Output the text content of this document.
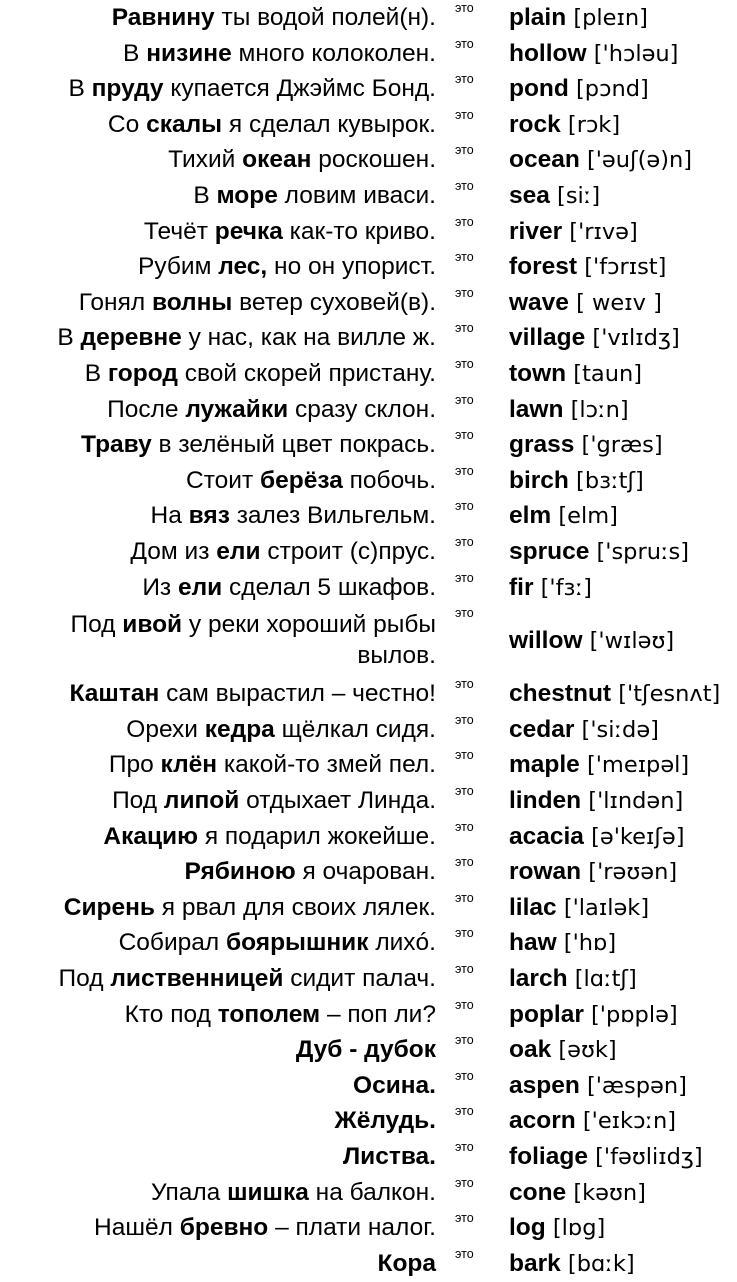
Равнину ты водой полей(н). это plain [pleɪn]
В низине много колоколен. это hollow ['hɔləu]
В пруду купается Джэймс Бонд. это pond [pɔnd]
Со скалы я сделал кувырок. это rock [rɔk]
Тихий океан роскошен. это ocean ['əuʃ(ə)n]
В море ловим иваси. это sea [siː]
Течёт речка как-то криво. это river ['rɪvə]
Рубим лес, но он упорист. это forest ['fɔrɪst]
Гонял волны ветер суховей(в). это wave [ weɪv ]
В деревне у нас, как на вилле ж. это village ['vɪlɪdʒ]
В город свой скорей пристану. это town [taun]
После лужайки сразу склон. это lawn [lɔːn]
Траву в зелёный цвет покрась. это grass ['græs]
Стоит берёза побочь. это birch [bɜːtʃ]
На вяз залез Вильгельм. это elm [elm]
Дом из ели строит (с)прус. это spruce ['spruːs]
Из ели сделал 5 шкафов. это fir ['fɜː]
Под ивой у реки хороший рыбы вылов.
это
willow ['wɪləʊ]
Каштан сам вырастил – честно! это chestnut ['tʃesnʌt]
Орехи кедра щёлкал сидя. это cedar ['siːdə]
Про клён какой-то змей пел. это maple ['meɪpəl]
Под липой отдыхает Линда. это linden ['lɪndən]
Акацию я подарил жокейше. это acacia [ə'keɪʃə]
Рябиною я очарован. это rowan ['rəʊən]
Сирень я рвал для своих лялек. это lilac ['laɪlək]
Собирал боярышник лихó. это haw ['hɒ]
Под лиственницей сидит палач. это larch [lɑːtʃ]
Кто под тополем – поп ли? это poplar ['pɒplə]
Дуб - дубок это oak [əʊk]
Осина. это aspen ['æspən]
Жёлудь. это acorn ['eɪkɔːn]
Листва. это foliage ['fəʊliɪdʒ]
Упала шишка на балкон. это cone [kəʊn]
Нашёл бревно – плати налог. это log [lɒg]
Кора это bark [bɑːk]
